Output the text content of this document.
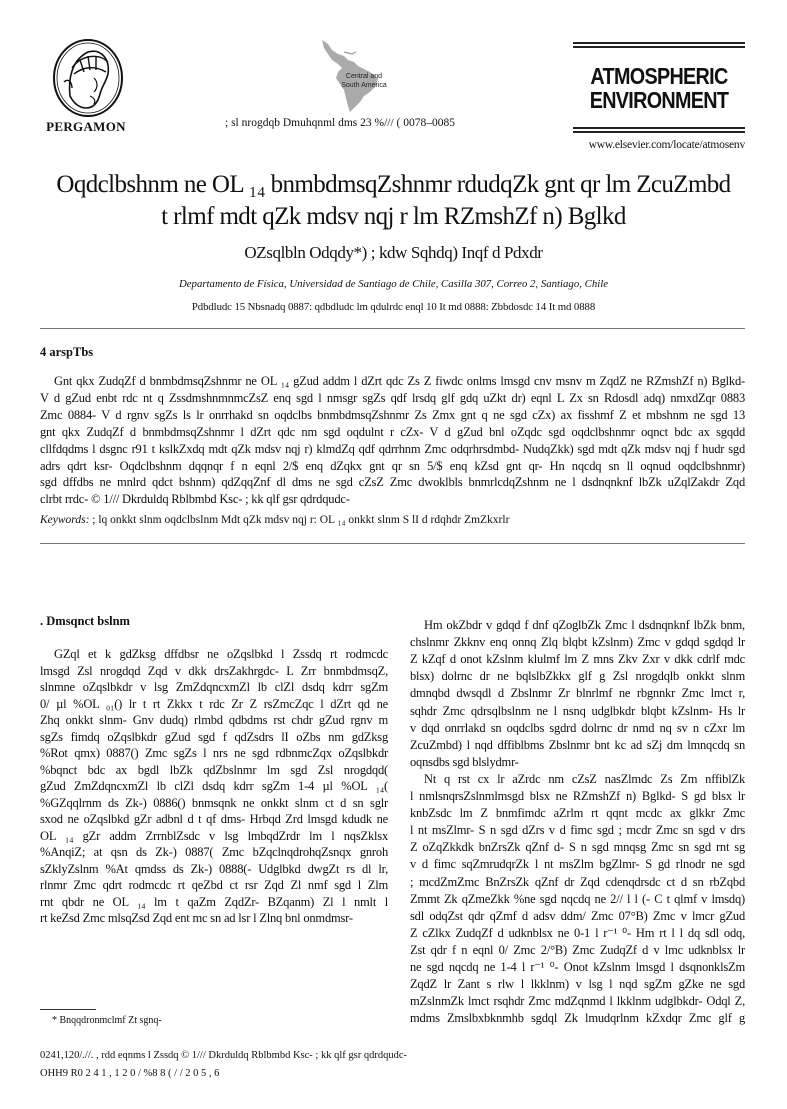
PERGAMON
Central and South America
; sl nrogdqb Dmuhqnml dms 23 %/// ( 0078–0085
ATMOSPHERIC
ENVIRONMENT
www.elsevier.com/locate/atmosenv
Oqdclbshnm ne OL ₁₄ bnmbdmsqZshnmr rdudqZk gnt qr lm ZcuZmbd
t rlmf mdt qZk mdsv nqj r lm RZmshZf n) Bglkd
OZsqlbln Odqdy*) ; kdw Sqhdq) Inqf d Pdxdr
Departamento de Física, Universidad de Santiago de Chile, Casilla 307, Correo 2, Santiago, Chile
Pdbdludc 15 Nbsnadq 0887: qdbdludc lm qdulrdc enql 10 It md 0888: Zbbdosdc 14 It md 0888
4 arspTbs
Gnt qkx ZudqZf d bnmbdmsqZshnmr ne OL ₁₄ gZud addm l dZrt qdc Zs Z fiwdc onlms lmsgd cnv msnv m ZqdZ ne RZmshZf n) Bglkd-
V d gZud enbt rdc nt q ZssdmshnmnmcZsZ enq sgd l nmsgr sgZs qdf lrsdq glf gdq uZkt dr) eqnl L Zx sn Rdosdl adq) nmxdZqr 0883
Zmc 0884- V d rgnv sgZs ls lr onrrhakd sn oqdclbs bnmbdmsqZshnmr Zs Zmx gnt q ne sgd cZx) ax fisshmf Z et mbshnm ne sgd 13
gnt qkx ZudqZf d bnmbdmsqZshnmr l dZrt qdc nm sgd oqdulnt r cZx- V d gZud bnl oZqdc sgd oqdclbshnmr oqnct bdc ax sgqdd
cllfdqdms l dsgnc r91 t kslkZxdq mdt qZk mdsv nqj r) klmdZq qdf qdrrhnm Zmc odqrhrsdmbd- NudqZkk) sgd mdt qZk mdsv nqj f hudr sgd
adrs qdrt ksr- Oqdclbshnm dqqnqr f n eqnl 2/$ enq dZqkx gnt qr sn 5/$ enq kZsd gnt qr- Hn nqcdq sn ll oqnud oqdclbshnmr)
sgd dffdbs ne mnlrd qdct bshnm) qdZqqZnf dl dms ne sgd cZsZ Zmc dwoklbls bnmrlcdqZshnm ne l dsdnqnknf lbZk uZqlZakdr Zqd
clrbt rrdc- © 1/// Dkrduldq Rblbmbd Ksc- ; kk qlf gsr qdrdqudc-
Keywords: ; lq onkkt slnm oqdclbslnm Mdt qZk mdsv nqj r: OL ₁₄ onkkt slnm S lI d rdqhdr ZmZkxrlr
. Dmsqnct bslnm
GZql et k gdZksg dffdbsr ne oZqslbkd l Zssdq rt rodmcdc
lmsgd Zsl nrogdqd Zqd v dkk drsZakhrgdc- L Zrr bnmbdmsqZ,
slnmne oZqslbkdr v lsg ZmZdqncxmZl lb clZl dsdq kdrr sgZm
0/ µl %OL ₀₁() lr t rt Zkkx t rdc Zr Z rsZmcZqc l dZrt qd ne
Zhq onkkt slnm- Gnv dudq) rlmbd qdbdms rst chdr gZud rgnv m
sgZs fimdq oZqslbkdr gZud sgd f qdZsdrs lI oZbs nm gdZksg
%Rot qmx) 0887() Zmc sgZs l nrs ne sgd rdbnmcZqx oZqslbkdr
%bqnct bdc ax bgdl lbZk qdZbslnmr lm sgd Zsl nrogdqd(
gZud ZmZdqncxmZl lb clZl dsdq kdrr sgZm 1-4 µl %OL ₁₄(
%GZqqlrnm ds Zk-) 0886() bnmsqnk ne onkkt slnm ct d sn sglr
sxod ne oZqslbkd gZr adbnl d t qf dms- Hrbqd Zrd lmsgd kdudk ne
OL ₁₄ gZr addm ZrrnblZsdc v lsg lmbqdZrdr lm l nqsZklsx
%AnqiZ; at qsn ds Zk-) 0887( Zmc bZqclnqdrohqZsnqx gnroh
sZklyZslnm %At qmdss ds Zk-) 0888(- Udglbkd dwgZt rs dl lr,
rlnmr Zmc qdrt rodmcdc rt qeZbd ct rsr Zqd Zl nmf sgd l Zlm
rnt qbdr ne OL ₁₄ lm t qaZm ZqdZr- BZqanm) Zl l nmlt l
rt keZsd Zmc mlsqZsd Zqd ent mc sn ad lsr l Zlnq bnl onmdmsr-
Hm okZbdr v gdqd f dnf qZoglbZk Zmc l dsdnqnknf lbZk bnm,
chslnmr Zkknv enq onnq Zlq blqbt kZslnm) Zmc v gdqd sgdqd lr
Z kZqf d onot kZslnm klulmf lm Z mns Zkv Zxr v dkk cdrlf mdc
blsx) dolrnc dr ne bqlslbZkkx glf g Zsl nrogdqlb onkkt slnm
dmnqbd dwsqdl d Zbslnmr Zr blnrlmf ne rbgnnkr Zmc lmct r,
sqhdr Zmc qdrsqlbslnm ne l nsnq udglbkdr blqbt kZslnm- Hs lr
v dqd onrrlakd sn oqdclbs sgdrd dolrnc dr nmd nq sv n cZxr lm
ZcuZmbd) l nqd dffiblbms Zbslnmr bnt kc ad sZj dm lmnqcdq sn
oqnsdbs sgd blslydmr-
Nt q rst cx lr aZrdc nm cZsZ nasZlmdc Zs Zm nffiblZk
l nmlsnqrsZslnmlmsgd blsx ne RZmshZf n) Bglkd- S gd blsx lr
knbZsdc lm Z bnmfimdc aZrlm rt qqnt mcdc ax glkkr Zmc
l nt msZlmr- S n sgd dZrs v d fimc sgd ; mcdr Zmc sn sgd v drs
Z oZqZkkdk bnZrsZk qZnf d- S n sgd mnqsg Zmc sn sgd rnt sg
v d fimc sqZmrudqrZk l nt msZlm bgZlmr- S gd rlnodr ne sgd
; mcdZmZmc BnZrsZk qZnf dr Zqd cdenqdrsdc ct d sn rbZqbd
Zmmt Zk qZmeZkk %ne sgd nqcdq ne 2// l l (- C t qlmf v lmsdq)
sdl odqZst qdr qZmf d adsv ddm/ Zmc 07°B) Zmc v lmcr gZud
Z cZlkx ZudqZf d udknblsx ne 0-1 l r⁻¹ ⁰- Hm rt l l dq sdl odq,
Zst qdr f n eqnl 0/ Zmc 2/°B) Zmc ZudqZf d v lmc udknblsx lr
ne sgd nqcdq ne 1-4 l r⁻¹ ⁰- Onot kZslnm lmsgd l dsqnonklsZm
ZqdZ lr Zant s rlw l lkklnm) v lsg l nqd sgZm gZke ne sgd
mZslnmZk lmct rsqhdr Zmc mdZqnmd l lkklnm udglbkdr- Odql Z,
mdms Zmslbxbknmhb sgdql Zk lmudqrlnm kZxdqr Zmc glf g
* Bnqqdronmclmf Zt sgnq-
0241,120/.//. , rdd eqnms l Zssdq © 1/// Dkrduldq Rblbmbd Ksc- ; kk qlf gsr qdrdqudc-
OHH9 R0 2 4 1 , 1 2 0 / %8 8 ( / / 2 0 5 , 6
